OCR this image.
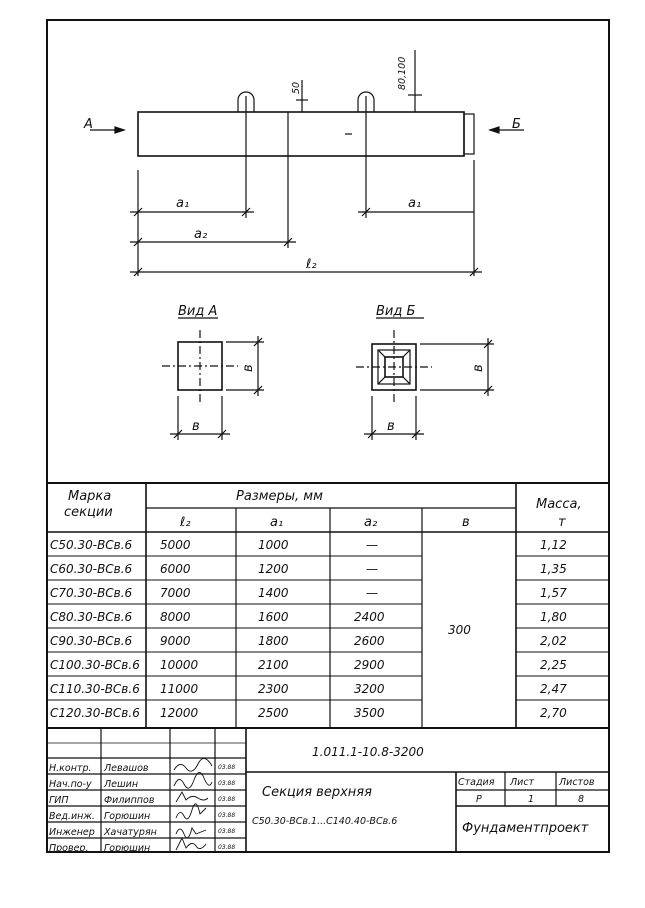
А	Б
50	80,100
a₁	a₁
a₂
ℓ₂
Вид А	Вид Б
в
в
в
в
Марка
секции
Размеры, мм
Масса,
т
ℓ₂	a₁	a₂	в
300
С50.30-ВСв.6 5000	1000	—	1,12
С60.30-ВСв.6 6000	1200	—	1,35
С70.30-ВСв.6 7000	1400	—	1,57
С80.30-ВСв.6 8000	1600	2400	1,80
С90.30-ВСв.6 9000	1800	2600	2,02
С100.30-ВСв.6 10000	2100	2900	2,25
С110.30-ВСв.6 11000	2300	3200	2,47
С120.30-ВСв.6 12000	2500	3500	2,70
1.011.1-10.8-3200
Секция верхняя
С50.30-ВСв.1...С140.40-ВСв.6	Фундаментпроект
Стадия Лист	Листов
Р	1	8
Н.контр. Левашов	03.88
Нач.по-у Лешин	03.88
ГИП	Филиппов	03.88
Вед.инж. Горюшин	03.88
Инженер Хачатурян	03.88
Провер. Горюшин	03.88
